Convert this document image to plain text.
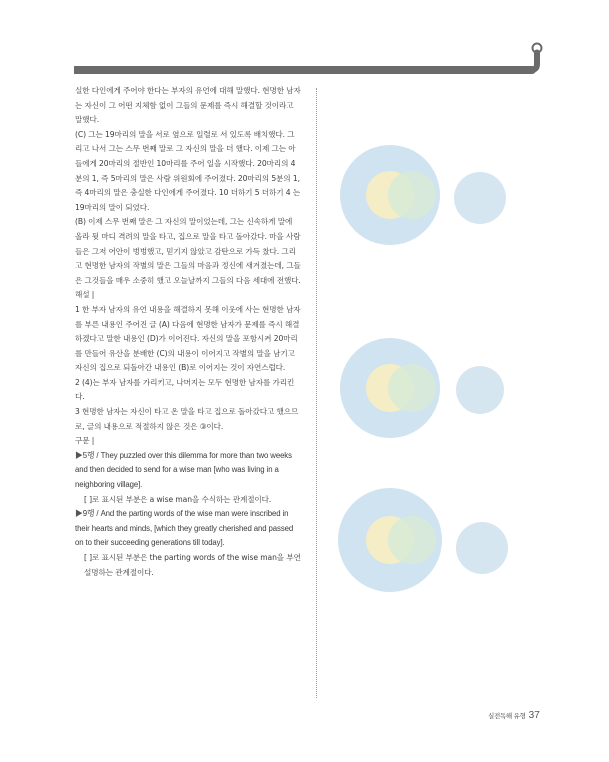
실한 다인에게 주어야 한다는 부자의 유언에 대해 말했다. 현명한 남자는 자신이 그 어떤 지체함 없이 그들의 문제를 즉시 해결할 것이라고 말했다.

(C) 그는 19마리의 말을 서로 옆으로 일렬로 서 있도록 배치했다. 그리고 나서 그는 스무 번째 말로 그 자신의 말을 더 했다. 이제 그는 아들에게 20마리의 절반인 10마리를 주어 일을 시작했다. 20마리의 4분의 1, 즉 5마리의 말은 사람 위원회에 주어졌다. 20마리의 5분의 1, 즉 4마리의 말은 충실한 다인에게 주어졌다. 10 더하기 5 더하기 4 는 19마리의 말이 되었다.

(B) 이제 스무 번째 말은 그 자신의 말이었는데, 그는 신속하게 말에 올라 뒷 마디 격려의 말을 타고, 집으로 말을 타고 돌아갔다. 마을 사람들은 그저 어안이 벙벙했고, 믿기지 않았고 감탄으로 가득 찼다. 그리고 현명한 남자의 작별의 말은 그들의 마음과 정신에 새겨졌는데, 그들은 그것들을 매우 소중히 했고 오늘날까지 그들의 다음 세대에 전했다.

해설 |

1 한 부자 남자의 유언 내용을 해결하지 못해 이웃에 사는 현명한 남자를 부른 내용인 주어진 글 (A) 다음에 현명한 남자가 문제를 즉시 해결하겠다고 말한 내용인 (D)가 이어진다. 자신의 말을 포함시켜 20마리를 만들어 유산을 분배한 (C)의 내용이 이어지고 작별의 말을 남기고 자신의 집으로 되돌아간 내용인 (B)로 이어지는 것이 자연스럽다.

2 (4)는 부자 남자를 가리키고, 나머지는 모두 현명한 남자를 가리킨다.

3 현명한 남자는 자신이 타고 온 말을 타고 집으로 돌아갔다고 했으므로, 글의 내용으로 적절하지 않은 것은 ③이다.

구문 |

▶5행 / They puzzled over this dilemma for more than two weeks and then decided to send for a wise man [who was living in a neighboring village].

[ ]로 표시된 부분은 a wise man을 수식하는 관계절이다.

▶9행 / And the parting words of the wise man were inscribed in their hearts and minds, [which they greatly cherished and passed on to their succeeding generations till today].

[ ]로 표시된 부분은 the parting words of the wise man을 부연 설명하는 관계절이다.

실전독해 유형 37
